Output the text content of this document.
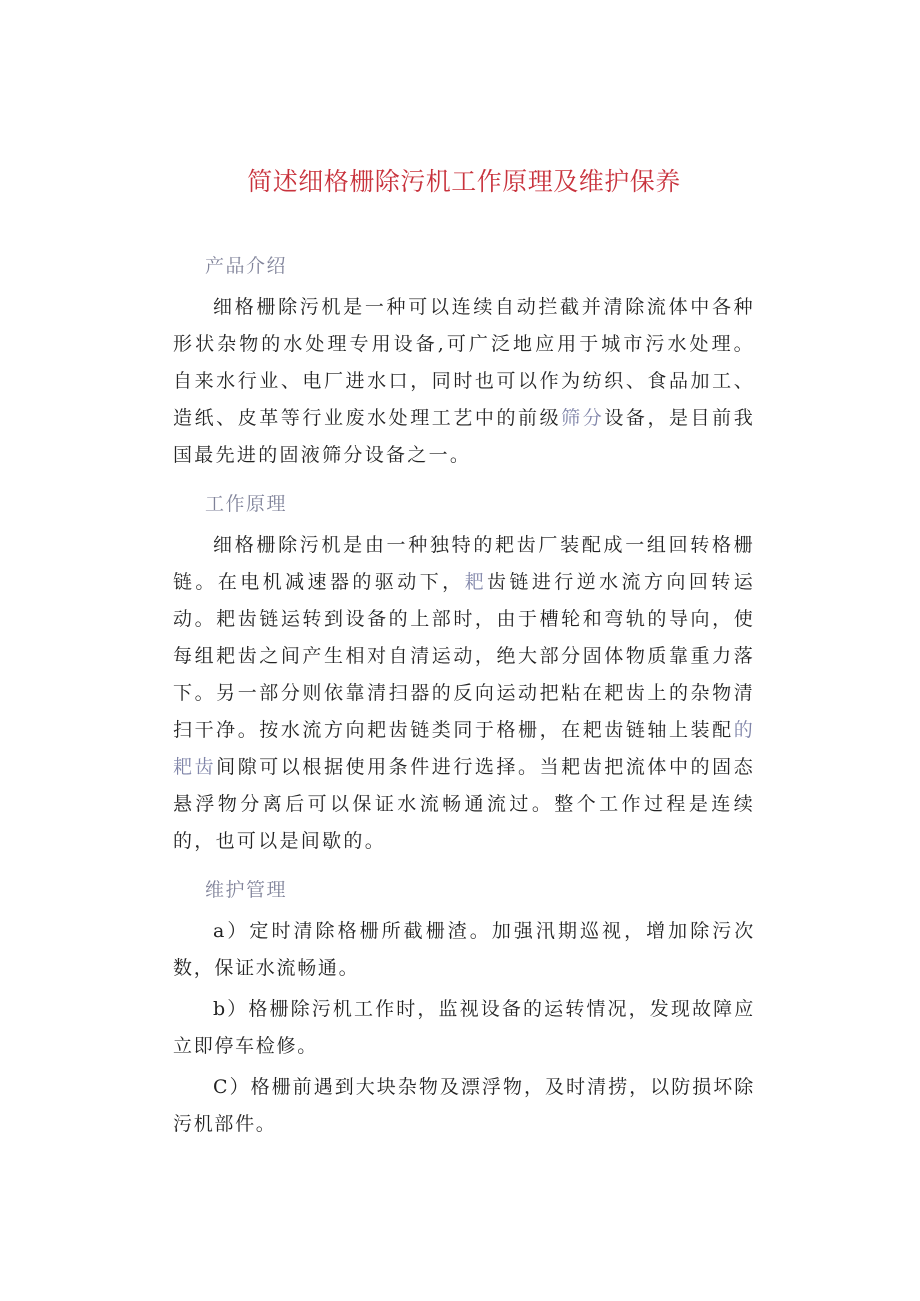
简述细格栅除污机工作原理及维护保养
产品介绍

细格栅除污机是一种可以连续自动拦截并清除流体中各种形状杂物的水处理专用设备,可广泛地应用于城市污水处理。自来水行业、电厂进水口，同时也可以作为纺织、食品加工、造纸、皮革等行业废水处理工艺中的前级筛分设备，是目前我国最先进的固液筛分设备之一。

工作原理

细格栅除污机是由一种独特的耙齿厂装配成一组回转格栅链。在电机减速器的驱动下，耙齿链进行逆水流方向回转运动。耙齿链运转到设备的上部时，由于槽轮和弯轨的导向，使每组耙齿之间产生相对自清运动，绝大部分固体物质靠重力落下。另一部分则依靠清扫器的反向运动把粘在耙齿上的杂物清扫干净。按水流方向耙齿链类同于格栅，在耙齿链轴上装配的耙齿间隙可以根据使用条件进行选择。当耙齿把流体中的固态悬浮物分离后可以保证水流畅通流过。整个工作过程是连续的，也可以是间歇的。

维护管理

a）定时清除格栅所截栅渣。加强汛期巡视，增加除污次数，保证水流畅通。

b）格栅除污机工作时，监视设备的运转情况，发现故障应立即停车检修。

C）格栅前遇到大块杂物及漂浮物，及时清捞，以防损坏除污机部件。
